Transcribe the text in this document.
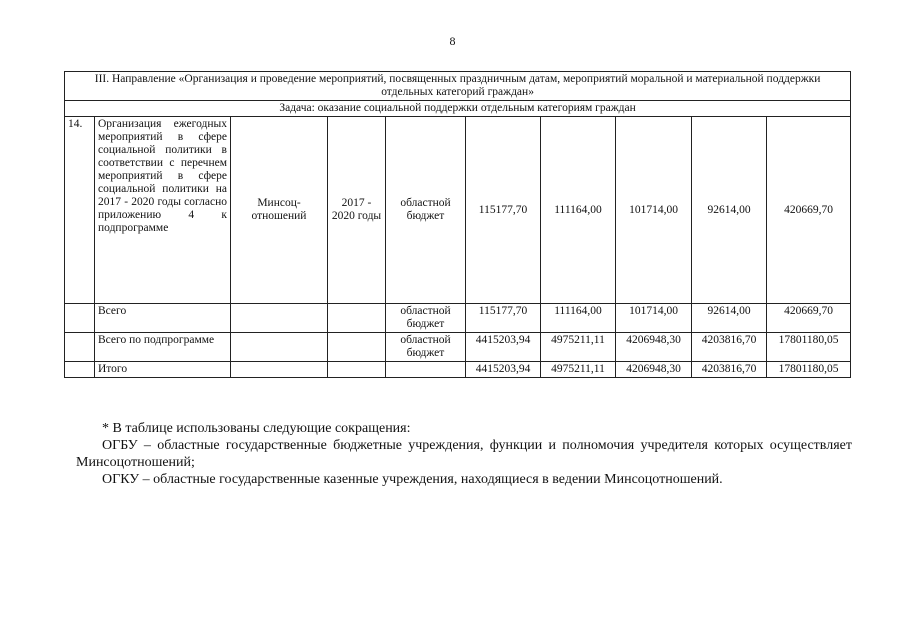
8
III. Направление «Организация и проведение мероприятий, посвященных праздничным датам, мероприятий моральной и материальной поддержки отдельных категорий граждан»									
Задача: оказание социальной поддержки отдельным категориям граждан									
14.	Организация ежегодных мероприятий в сфере социальной политики в соответствии с перечнем мероприятий в сфере социальной политики на 2017 - 2020 годы согласно приложению 4 к подпрограмме	Минсоц-отношений	2017 - 2020 годы	областной бюджет	115177,70	111164,00	101714,00	92614,00	420669,70
	Всего			областной бюджет	115177,70	111164,00	101714,00	92614,00	420669,70
	Всего по подпрограмме			областной бюджет	4415203,94	4975211,11	4206948,30	4203816,70	17801180,05
	Итого				4415203,94	4975211,11	4206948,30	4203816,70	17801180,05

* В таблице использованы следующие сокращения:

ОГБУ – областные государственные бюджетные учреждения, функции и полномочия учредителя которых осуществляет Минсоцотношений;

ОГКУ – областные государственные казенные учреждения, находящиеся в ведении Минсоцотношений.
